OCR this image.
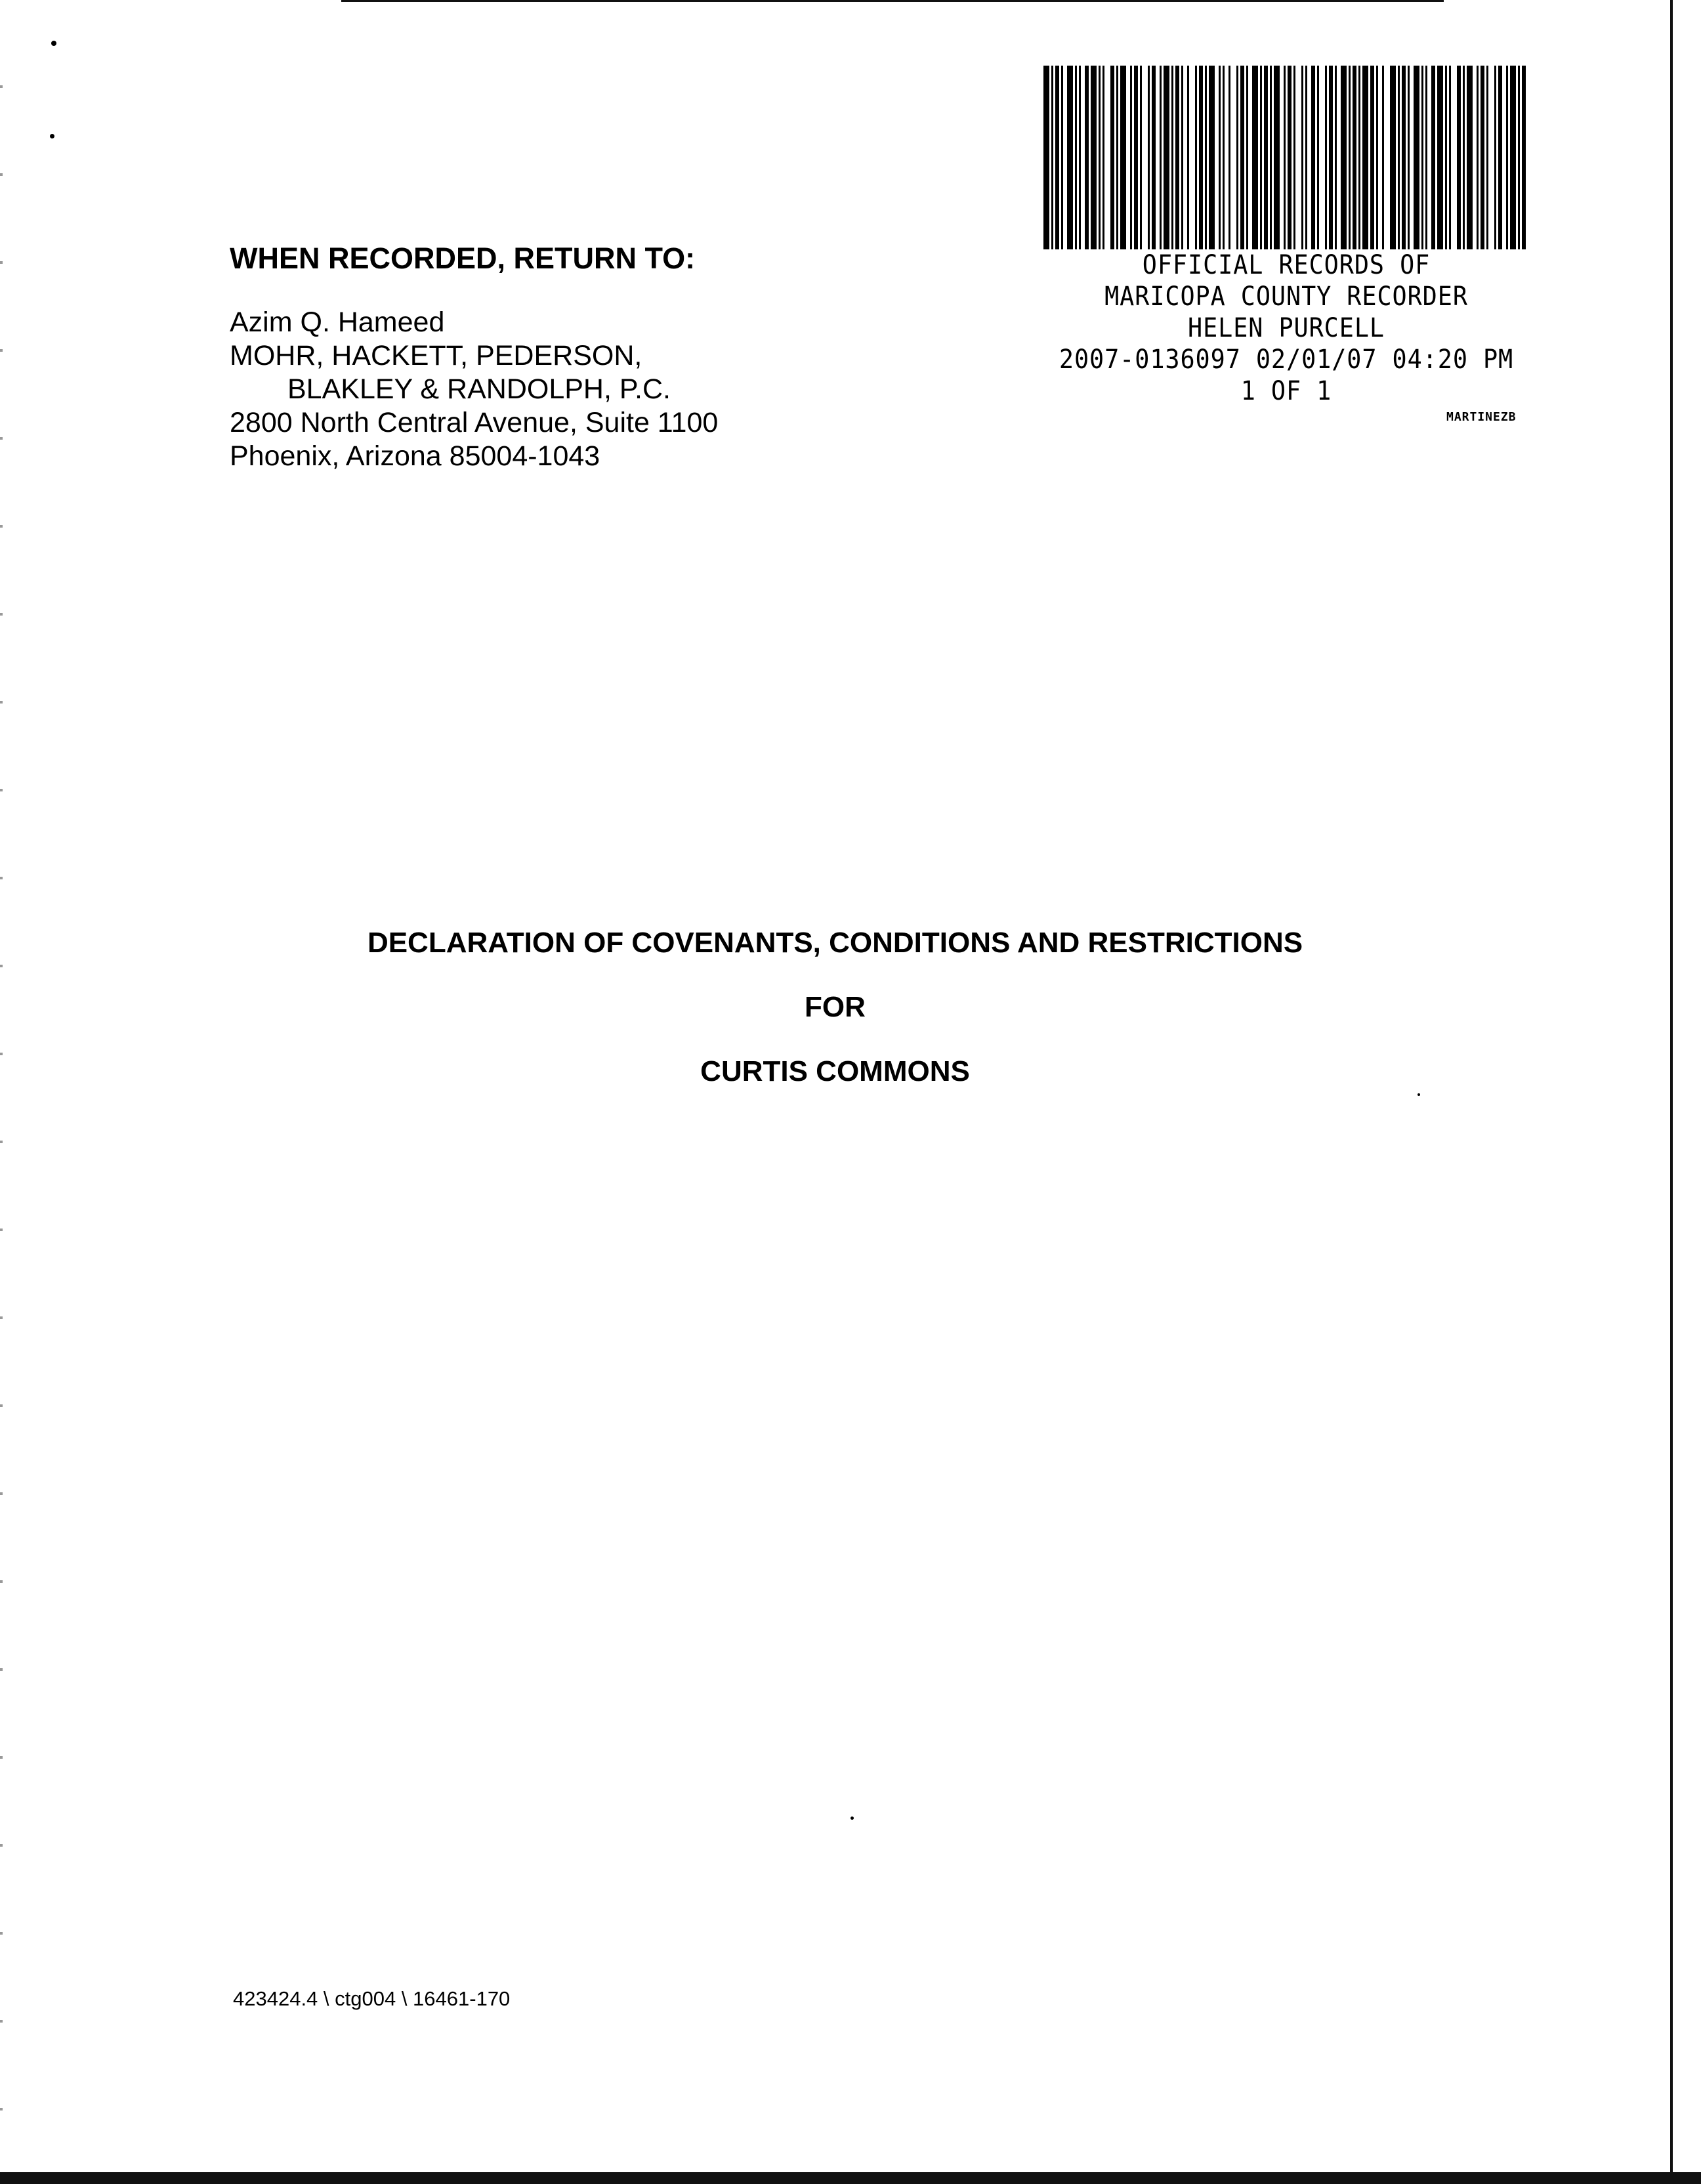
WHEN RECORDED, RETURN TO:
Azim Q. Hameed
MOHR, HACKETT, PEDERSON,
BLAKLEY & RANDOLPH, P.C.
2800 North Central Avenue, Suite 1100
Phoenix, Arizona 85004-1043
OFFICIAL RECORDS OF
MARICOPA COUNTY RECORDER
HELEN PURCELL
2007-0136097 02/01/07 04:20 PM
1 OF 1
MARTINEZB
DECLARATION OF COVENANTS, CONDITIONS AND RESTRICTIONS
FOR
CURTIS COMMONS
423424.4 \ ctg004 \ 16461-170
